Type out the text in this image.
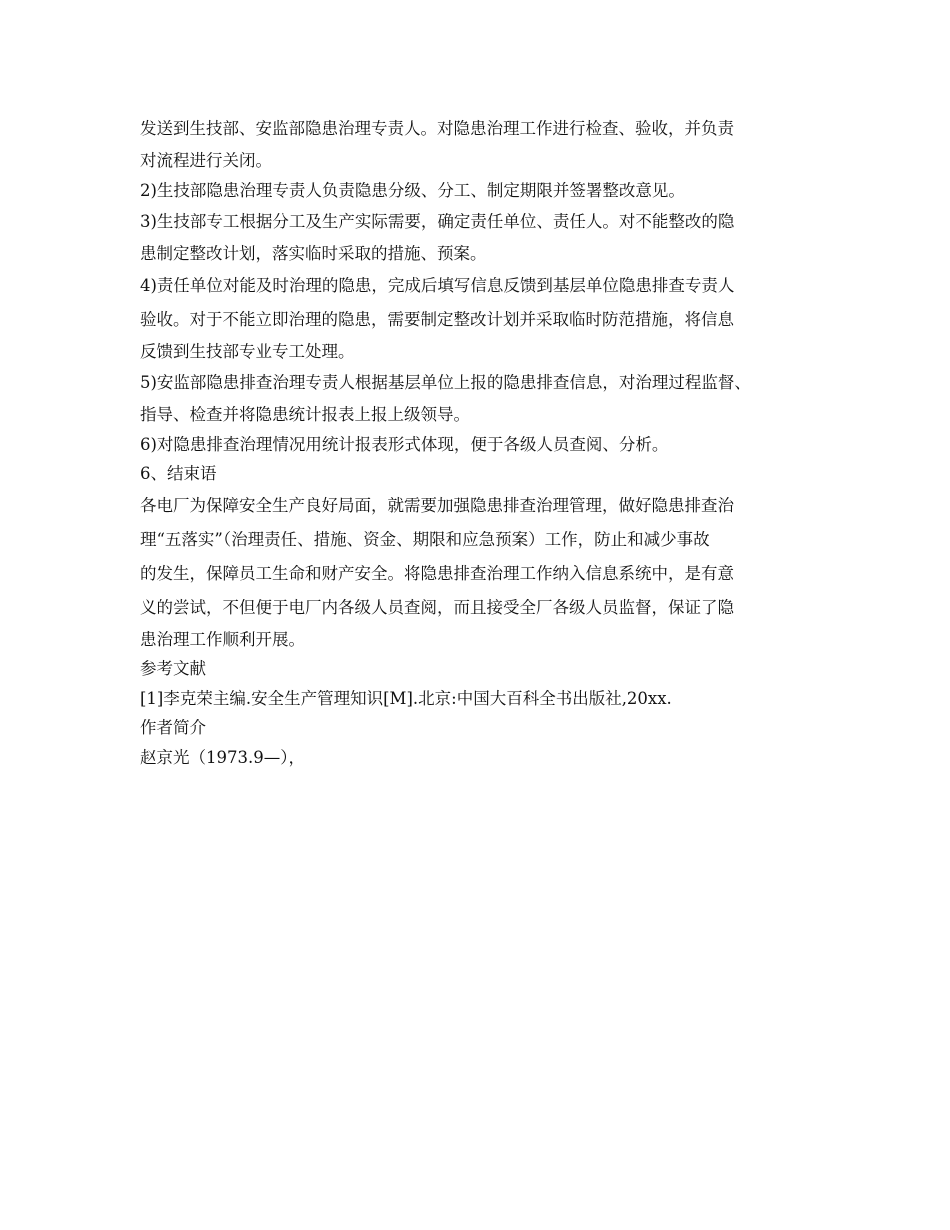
发送到生技部、安监部隐患治理专责人。对隐患治理工作进行检查、验收，并负责
对流程进行关闭。
2)生技部隐患治理专责人负责隐患分级、分工、制定期限并签署整改意见。
3)生技部专工根据分工及生产实际需要，确定责任单位、责任人。对不能整改的隐
患制定整改计划，落实临时采取的措施、预案。
4)责任单位对能及时治理的隐患，完成后填写信息反馈到基层单位隐患排查专责人
验收。对于不能立即治理的隐患，需要制定整改计划并采取临时防范措施，将信息
反馈到生技部专业专工处理。
5)安监部隐患排查治理专责人根据基层单位上报的隐患排查信息，对治理过程监督、
指导、检查并将隐患统计报表上报上级领导。
6)对隐患排查治理情况用统计报表形式体现，便于各级人员查阅、分析。
6、结束语
各电厂为保障安全生产良好局面，就需要加强隐患排查治理管理，做好隐患排查治
理“五落实”（治理责任、措施、资金、期限和应急预案）工作，防止和减少事故
的发生，保障员工生命和财产安全。将隐患排查治理工作纳入信息系统中，是有意
义的尝试，不但便于电厂内各级人员查阅，而且接受全厂各级人员监督，保证了隐
患治理工作顺利开展。
参考文献
[1]李克荣主编.安全生产管理知识[M].北京:中国大百科全书出版社,20xx.
作者简介
赵京光（1973.9—），
